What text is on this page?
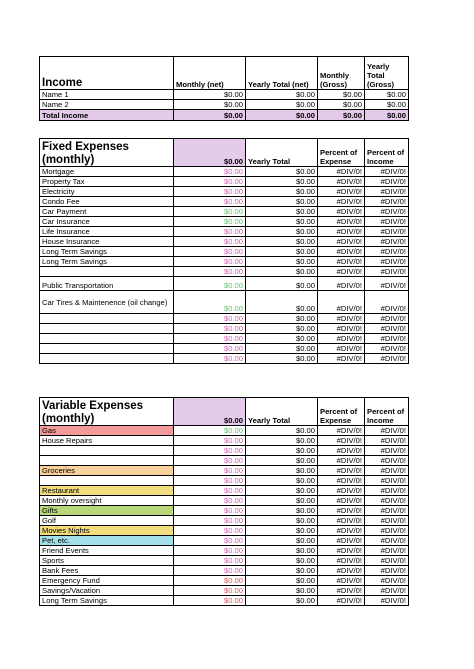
Income	Monthly (net)	Yearly Total (net)	Monthly (Gross)	Yearly Total (Gross)
Name 1	$0.00	$0.00	$0.00	$0.00
Name 2	$0.00	$0.00	$0.00	$0.00
Total Income	$0.00	$0.00	$0.00	$0.00
Fixed Expenses (monthly)	$0.00	Yearly Total	Percent of Expense	Percent of Income
Mortgage	$0.00	$0.00	#DIV/0!	#DIV/0!
Property Tax	$0.00	$0.00	#DIV/0!	#DIV/0!
Electricity	$0.00	$0.00	#DIV/0!	#DIV/0!
Condo Fee	$0.00	$0.00	#DIV/0!	#DIV/0!
Car Payment	$0.00	$0.00	#DIV/0!	#DIV/0!
Car Insurance	$0.00	$0.00	#DIV/0!	#DIV/0!
Life Insurance	$0.00	$0.00	#DIV/0!	#DIV/0!
House Insurance	$0.00	$0.00	#DIV/0!	#DIV/0!
Long Term Savings	$0.00	$0.00	#DIV/0!	#DIV/0!
Long Term Savings	$0.00	$0.00	#DIV/0!	#DIV/0!
	$0.00	$0.00	#DIV/0!	#DIV/0!
Public Transportation	$0.00	$0.00	#DIV/0!	#DIV/0!
Car Tires & Maintenence (oil change)	$0.00	$0.00	#DIV/0!	#DIV/0!
	$0.00	$0.00	#DIV/0!	#DIV/0!
	$0.00	$0.00	#DIV/0!	#DIV/0!
	$0.00	$0.00	#DIV/0!	#DIV/0!
	$0.00	$0.00	#DIV/0!	#DIV/0!
	$0.00	$0.00	#DIV/0!	#DIV/0!
Variable Expenses (monthly)	$0.00	Yearly Total	Percent of Expense	Percent of Income
Gas	$0.00	$0.00	#DIV/0!	#DIV/0!
House Repairs	$0.00	$0.00	#DIV/0!	#DIV/0!
	$0.00	$0.00	#DIV/0!	#DIV/0!
	$0.00	$0.00	#DIV/0!	#DIV/0!
Groceries	$0.00	$0.00	#DIV/0!	#DIV/0!
	$0.00	$0.00	#DIV/0!	#DIV/0!
Restaurant	$0.00	$0.00	#DIV/0!	#DIV/0!
Monthly oversight	$0.00	$0.00	#DIV/0!	#DIV/0!
Gifts	$0.00	$0.00	#DIV/0!	#DIV/0!
Golf	$0.00	$0.00	#DIV/0!	#DIV/0!
Movies Nights	$0.00	$0.00	#DIV/0!	#DIV/0!
Pet, etc.	$0.00	$0.00	#DIV/0!	#DIV/0!
Friend Events	$0.00	$0.00	#DIV/0!	#DIV/0!
Sports	$0.00	$0.00	#DIV/0!	#DIV/0!
Bank Fees	$0.00	$0.00	#DIV/0!	#DIV/0!
Emergency Fund	$0.00	$0.00	#DIV/0!	#DIV/0!
Savings/Vacation	$0.00	$0.00	#DIV/0!	#DIV/0!
Long Term Savings	$0.00	$0.00	#DIV/0!	#DIV/0!
